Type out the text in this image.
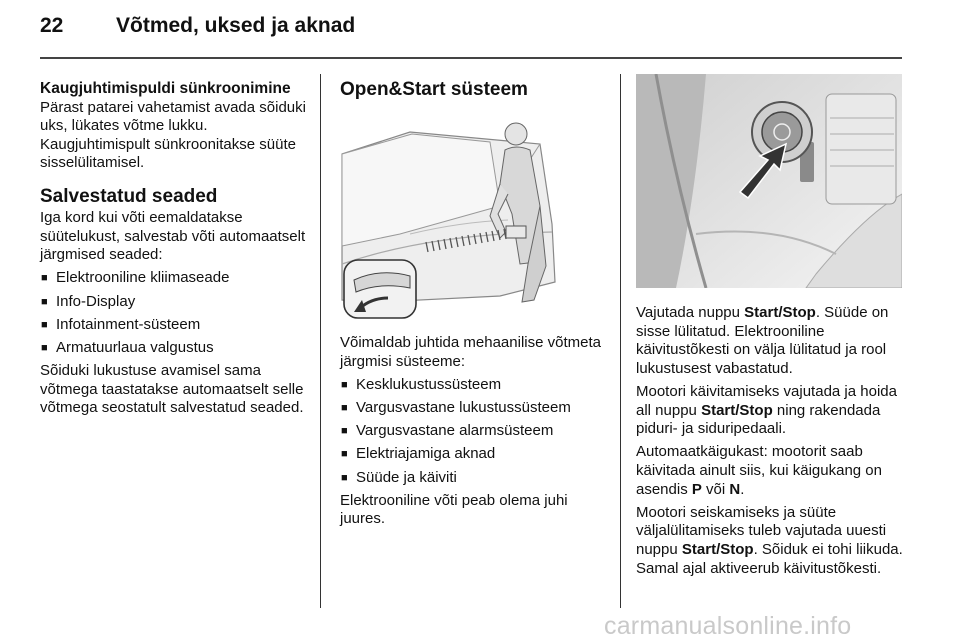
22	Võtmed, uksed ja aknad

Kaugjuhtimispuldi sünkroonimine

Pärast patarei vahetamist avada sõiduki uks, lükates võtme lukku. Kaugjuhtimispult sünkroonitakse süüte sisselülitamisel.

Salvestatud seaded

Iga kord kui võti eemaldatakse süütelukust, salvestab võti automaatselt järgmised seaded:

■ Elektrooniline kliimaseade
■ Info-Display
■ Infotainment-süsteem
■ Armatuurlaua valgustus

Sõiduki lukustuse avamisel sama võtmega taastatakse automaatselt selle võtmega seostatult salvestatud seaded.

Open&Start süsteem

Võimaldab juhtida mehaanilise võtmeta järgmisi süsteeme:

■ Kesklukustussüsteem
■ Vargusvastane lukustussüsteem
■ Vargusvastane alarmsüsteem
■ Elektriajamiga aknad
■ Süüde ja käiviti

Elektrooniline võti peab olema juhi juures.

Vajutada nuppu Start/Stop. Süüde on sisse lülitatud. Elektrooniline käivitustõkesti on välja lülitatud ja rool lukustusest vabastatud.

Mootori käivitamiseks vajutada ja hoida all nuppu Start/Stop ning rakendada piduri- ja siduripedaali.

Automaatkäigukast: mootorit saab käivitada ainult siis, kui käigukang on asendis P või N.

Mootori seiskamiseks ja süüte väljalülitamiseks tuleb vajutada uuesti nuppu Start/Stop. Sõiduk ei tohi liikuda. Samal ajal aktiveerub käivitustõkesti.

carmanualsonline.info
